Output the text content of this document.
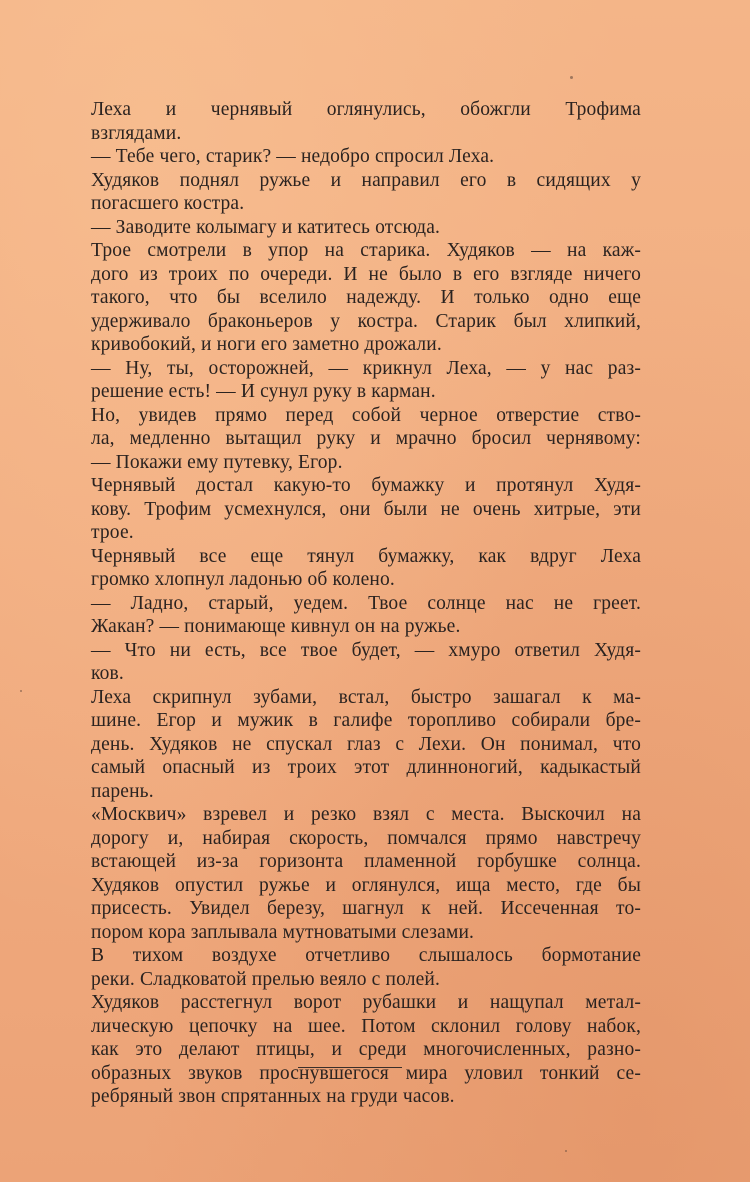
Леха и чернявый оглянулись, обожгли Трофима
взглядами.

— Тебе чего, старик? — недобро спросил Леха.

Худяков поднял ружье и направил его в сидящих у
погасшего костра.

— Заводите колымагу и катитесь отсюда.

Трое смотрели в упор на старика. Худяков — на каж-
дого из троих по очереди. И не было в его взгляде ничего
такого, что бы вселило надежду. И только одно еще
удерживало браконьеров у костра. Старик был хлипкий,
кривобокий, и ноги его заметно дрожали.

— Ну, ты, осторожней, — крикнул Леха, — у нас раз-
решение есть! — И сунул руку в карман.

Но, увидев прямо перед собой черное отверстие ство-
ла, медленно вытащил руку и мрачно бросил чернявому:

— Покажи ему путевку, Егор.

Чернявый достал какую-то бумажку и протянул Худя-
кову. Трофим усмехнулся, они были не очень хитрые, эти
трое.

Чернявый все еще тянул бумажку, как вдруг Леха
громко хлопнул ладонью об колено.

— Ладно, старый, уедем. Твое солнце нас не греет.
Жакан? — понимающе кивнул он на ружье.

— Что ни есть, все твое будет, — хмуро ответил Худя-
ков.

Леха скрипнул зубами, встал, быстро зашагал к ма-
шине. Егор и мужик в галифе торопливо собирали бре-
день. Худяков не спускал глаз с Лехи. Он понимал, что
самый опасный из троих этот длинноногий, кадыкастый
парень.

«Москвич» взревел и резко взял с места. Выскочил на
дорогу и, набирая скорость, помчался прямо навстречу
встающей из-за горизонта пламенной горбушке солнца.
Худяков опустил ружье и оглянулся, ища место, где бы
присесть. Увидел березу, шагнул к ней. Иссеченная то-
пором кора заплывала мутноватыми слезами.

В тихом воздухе отчетливо слышалось бормотание
реки. Сладковатой прелью веяло с полей.

Худяков расстегнул ворот рубашки и нащупал метал-
лическую цепочку на шее. Потом склонил голову набок,
как это делают птицы, и среди многочисленных, разно-
образных звуков проснувшегося мира уловил тонкий се-
ребряный звон спрятанных на груди часов.
